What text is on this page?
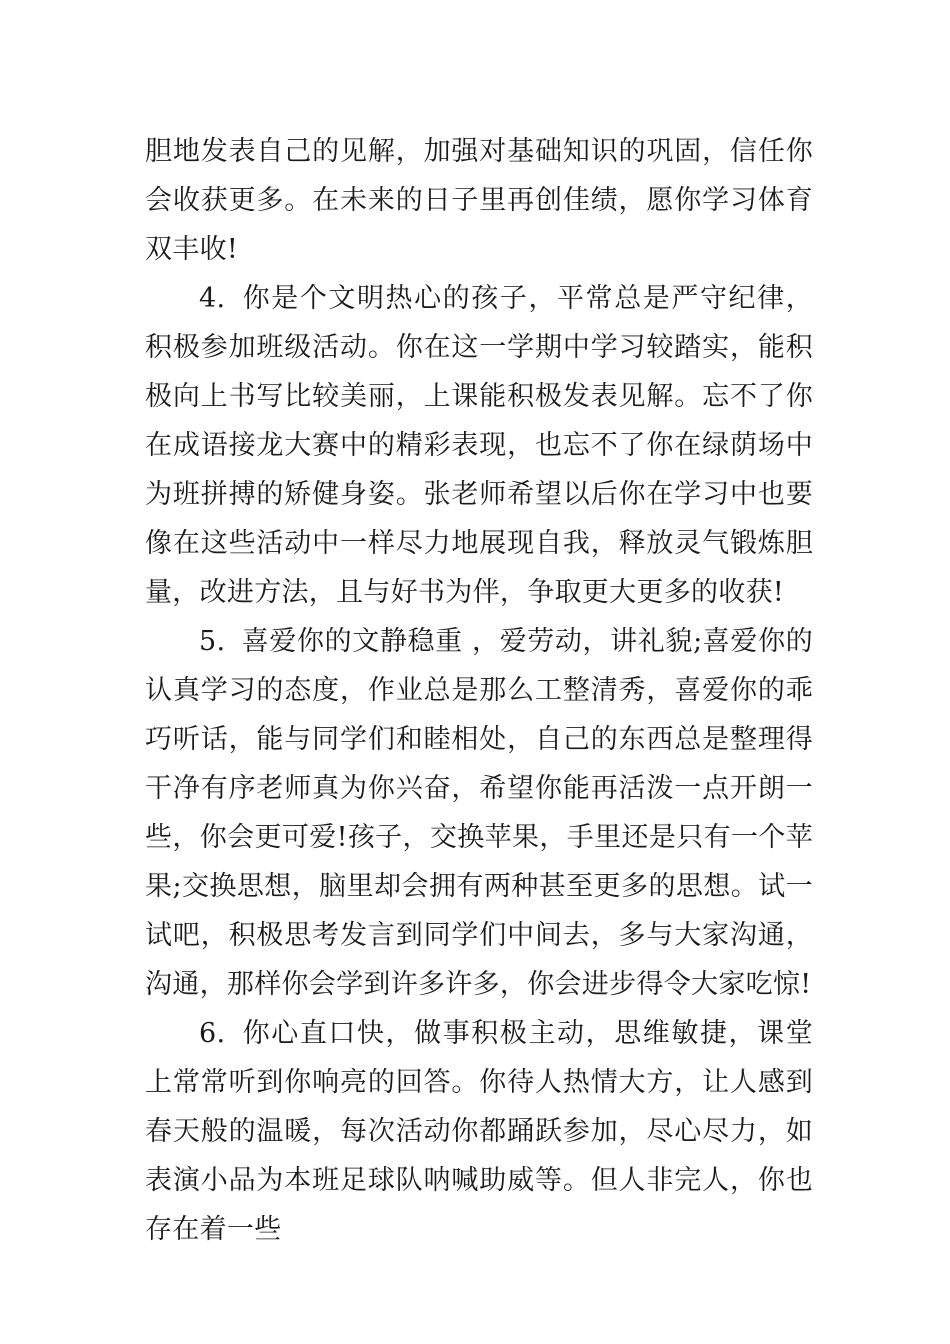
胆地发表自己的见解，加强对基础知识的巩固，信任你会收获更多。在未来的日子里再创佳绩，愿你学习体育双丰收!

4. 你是个文明热心的孩子，平常总是严守纪律，积极参加班级活动。你在这一学期中学习较踏实，能积极向上书写比较美丽，上课能积极发表见解。忘不了你在成语接龙大赛中的精彩表现，也忘不了你在绿荫场中为班拼搏的矫健身姿。张老师希望以后你在学习中也要像在这些活动中一样尽力地展现自我，释放灵气锻炼胆量，改进方法，且与好书为伴，争取更大更多的收获!

5. 喜爱你的文静稳重 ，爱劳动，讲礼貌;喜爱你的认真学习的态度，作业总是那么工整清秀，喜爱你的乖巧听话，能与同学们和睦相处，自己的东西总是整理得干净有序老师真为你兴奋，希望你能再活泼一点开朗一些，你会更可爱!孩子，交换苹果，手里还是只有一个苹果;交换思想，脑里却会拥有两种甚至更多的思想。试一试吧，积极思考发言到同学们中间去，多与大家沟通，沟通，那样你会学到许多许多，你会进步得令大家吃惊!

6. 你心直口快，做事积极主动，思维敏捷，课堂上常常听到你响亮的回答。你待人热情大方，让人感到春天般的温暖，每次活动你都踊跃参加，尽心尽力，如表演小品为本班足球队呐喊助威等。但人非完人，你也存在着一些
